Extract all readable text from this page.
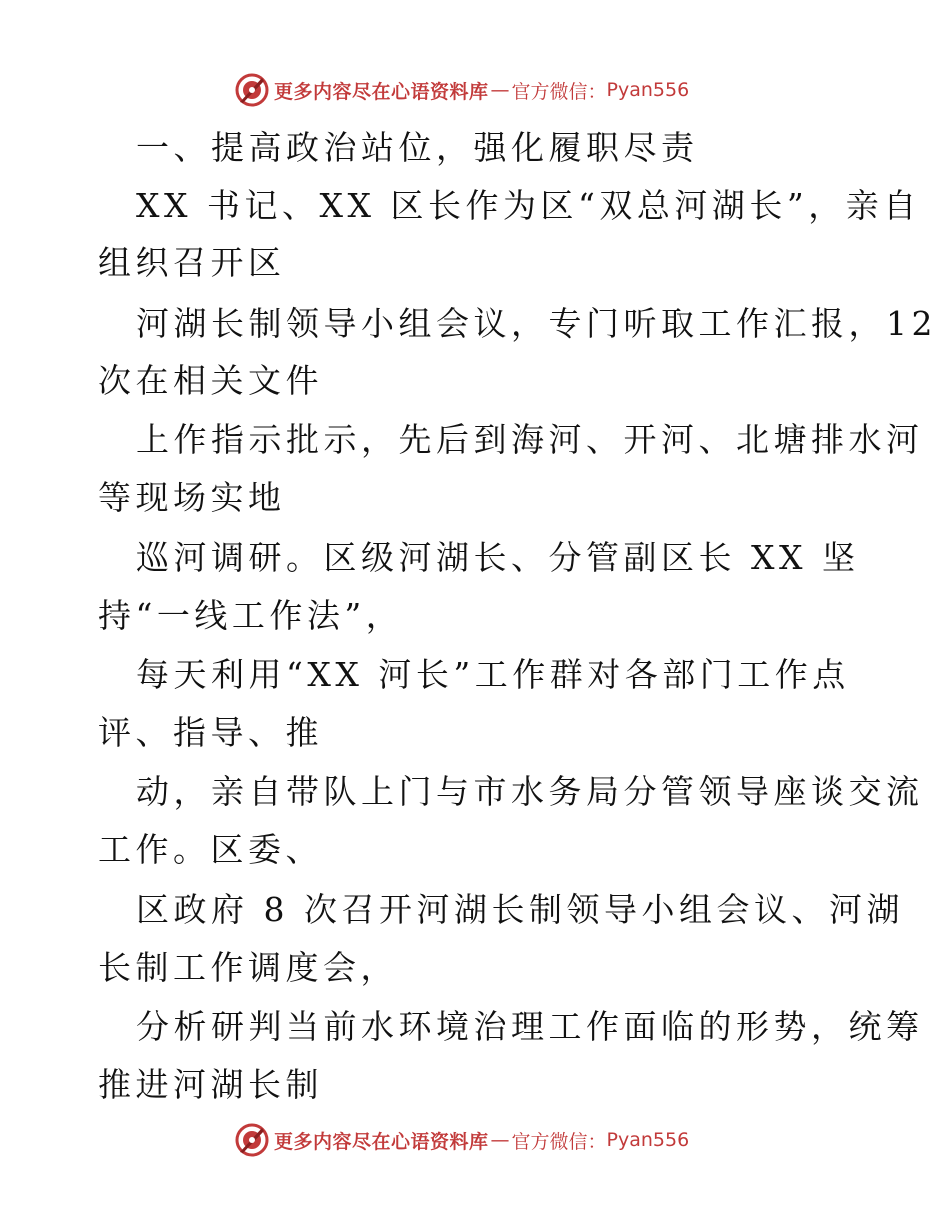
更多内容尽在心语资料库 — 官方微信： Pyan556
一、提高政治站位，强化履职尽责
XX 书记、XX 区长作为区“双总河湖长”，亲自
组织召开区
河湖长制领导小组会议，专门听取工作汇报，12
次在相关文件
上作指示批示，先后到海河、开河、北塘排水河
等现场实地
巡河调研。区级河湖长、分管副区长 XX 坚
持“一线工作法”，
每天利用“XX 河长”工作群对各部门工作点
评、指导、推
动，亲自带队上门与市水务局分管领导座谈交流
工作。区委、
区政府 8 次召开河湖长制领导小组会议、河湖
长制工作调度会，
分析研判当前水环境治理工作面临的形势，统筹
推进河湖长制
更多内容尽在心语资料库 — 官方微信： Pyan556
